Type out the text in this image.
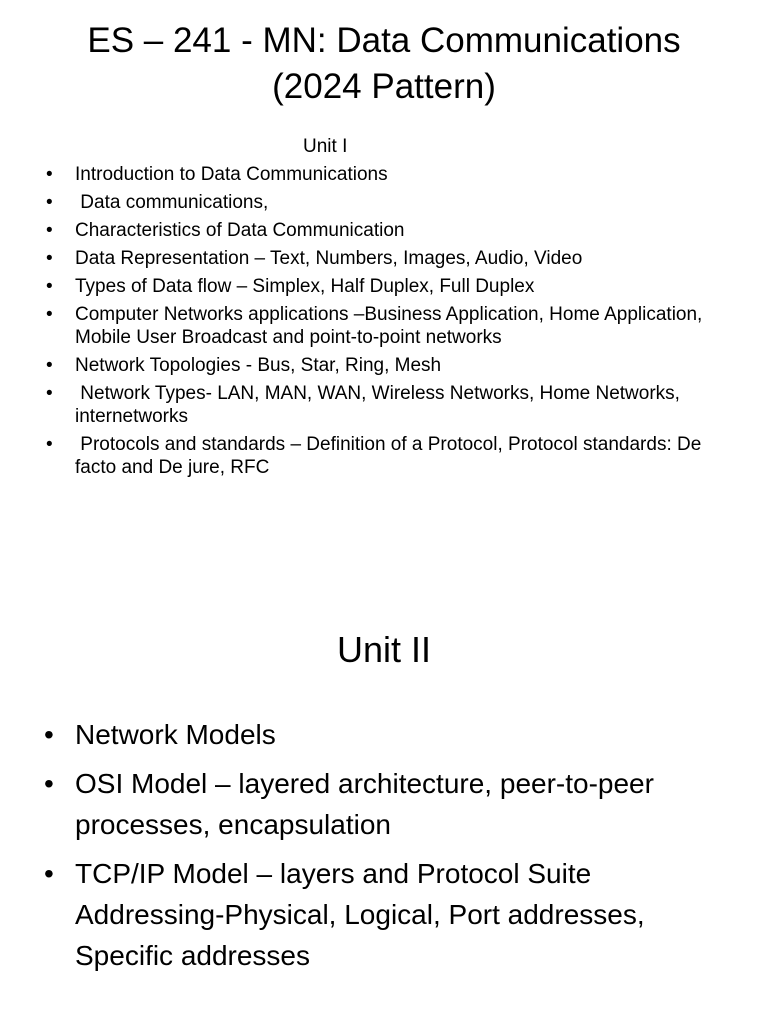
ES – 241 - MN: Data Communications
(2024 Pattern)
Unit I
• Introduction to Data Communications
• Data communications,
• Characteristics of Data Communication
• Data Representation – Text, Numbers, Images, Audio, Video
• Types of Data flow – Simplex, Half Duplex, Full Duplex
• Computer Networks applications –Business Application, Home Application, Mobile User Broadcast and point-to-point networks
• Network Topologies - Bus, Star, Ring, Mesh
• Network Types- LAN, MAN, WAN, Wireless Networks, Home Networks, internetworks
• Protocols and standards – Definition of a Protocol, Protocol standards: De facto and De jure, RFC
Unit II
• Network Models
• OSI Model – layered architecture, peer-to-peer processes, encapsulation
• TCP/IP Model – layers and Protocol Suite Addressing-Physical, Logical, Port addresses, Specific addresses
